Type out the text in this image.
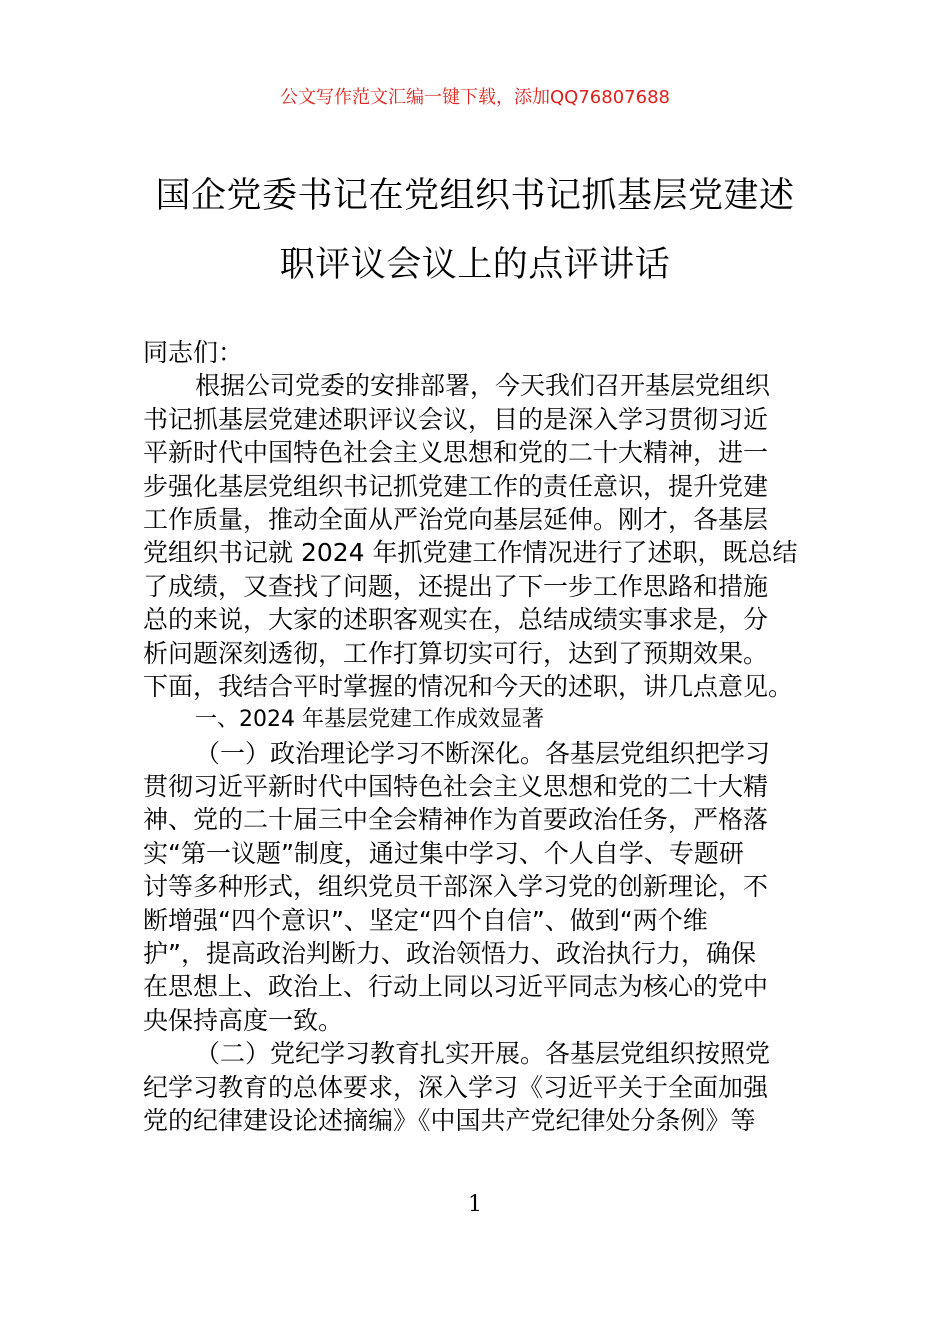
公文写作范文汇编一键下载，添加QQ76807688
国企党委书记在党组织书记抓基层党建述
职评议会议上的点评讲话
同志们：
根据公司党委的安排部署，今天我们召开基层党组织
书记抓基层党建述职评议会议，目的是深入学习贯彻习近
平新时代中国特色社会主义思想和党的二十大精神，进一
步强化基层党组织书记抓党建工作的责任意识，提升党建
工作质量，推动全面从严治党向基层延伸。刚才，各基层
党组织书记就 2024 年抓党建工作情况进行了述职，既总结
了成绩，又查找了问题，还提出了下一步工作思路和措施
总的来说，大家的述职客观实在，总结成绩实事求是，分
析问题深刻透彻，工作打算切实可行，达到了预期效果。
下面，我结合平时掌握的情况和今天的述职，讲几点意见。
一、2024 年基层党建工作成效显著
（一）政治理论学习不断深化。各基层党组织把学习
贯彻习近平新时代中国特色社会主义思想和党的二十大精
神、党的二十届三中全会精神作为首要政治任务，严格落
实“第一议题”制度，通过集中学习、个人自学、专题研
讨等多种形式，组织党员干部深入学习党的创新理论，不
断增强“四个意识”、坚定“四个自信”、做到“两个维
护”，提高政治判断力、政治领悟力、政治执行力，确保
在思想上、政治上、行动上同以习近平同志为核心的党中
央保持高度一致。
（二）党纪学习教育扎实开展。各基层党组织按照党
纪学习教育的总体要求，深入学习《习近平关于全面加强
党的纪律建设论述摘编》《中国共产党纪律处分条例》等
1
